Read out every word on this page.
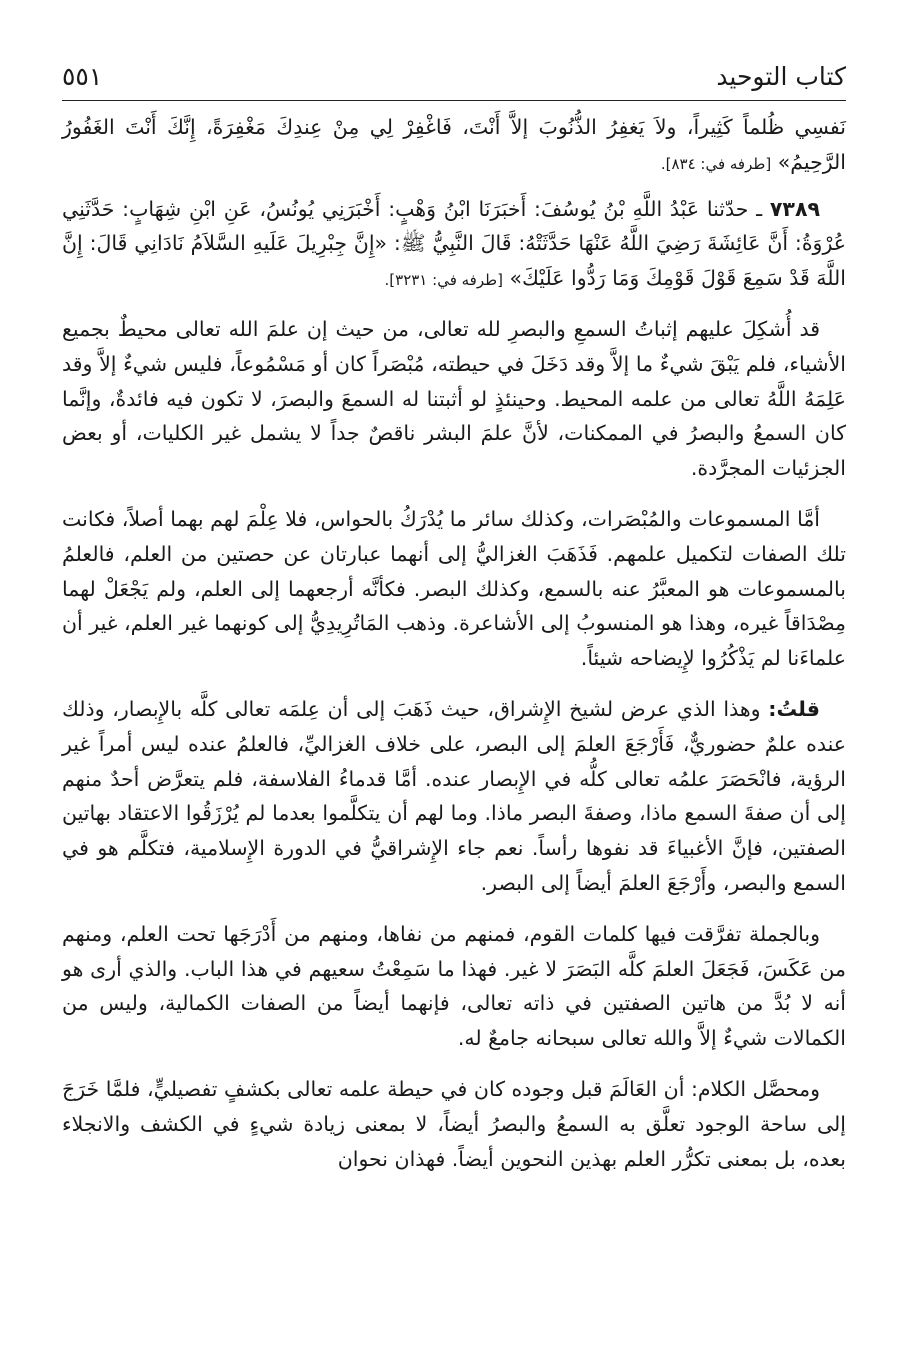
كتاب التوحيد
٥٥١

نَفسِي ظُلماً كَثِيراً، ولاَ يَغفِرُ الذُّنُوبَ إلاَّ أَنْتَ، فَاغْفِرْ لِي مِنْ عِندِكَ مَغْفِرَةً، إِنَّكَ أَنْتَ الغَفُورُ الرَّحِيمُ» [طرفه في: ٨٣٤].

٧٣٨٩ ـ حدّثنا عَبْدُ اللَّهِ بْنُ يُوسُفَ: أَخبَرَنَا ابْنُ وَهْبٍ: أَخْبَرَنِي يُونُسُ، عَنِ ابْنِ شِهَابٍ: حَدَّثَنِي عُرْوَةُ: أَنَّ عَائِشَةَ رَضِيَ اللَّهُ عَنْهَا حَدَّثَتْهُ: قَالَ النَّبِيُّ ﷺ: «إِنَّ جِبْرِيلَ عَلَيهِ السَّلاَمُ نَادَانِي قَالَ: إِنَّ اللَّهَ قَدْ سَمِعَ قَوْلَ قَوْمِكَ وَمَا رَدُّوا عَلَيْكَ» [طرفه في: ٣٢٣١].

قد أُشكِلَ عليهم إثباتُ السمعِ والبصرِ لله تعالى، من حيث إن علمَ الله تعالى محيطٌ بجميع الأشياء، فلم يَبْقَ شيءٌ ما إلاَّ وقد دَخَلَ في حيطته، مُبْصَراً كان أو مَسْمُوعاً، فليس شيءٌ إلاَّ وقد عَلِمَهُ اللَّهُ تعالى من علمه المحيط. وحينئذٍ لو أثبتنا له السمعَ والبصرَ، لا تكون فيه فائدةٌ، وإنَّما كان السمعُ والبصرُ في الممكنات، لأنَّ علمَ البشر ناقصٌ جداً لا يشمل غير الكليات، أو بعض الجزئيات المجرَّدة.

أمَّا المسموعات والمُبْصَرات، وكذلك سائر ما يُدْرَكُ بالحواس، فلا عِلْمَ لهم بهما أصلاً، فكانت تلك الصفات لتكميل علمهم. فَذَهَبَ الغزاليُّ إلى أنهما عبارتان عن حصتين من العلم، فالعلمُ بالمسموعات هو المعبَّرُ عنه بالسمع، وكذلك البصر. فكأنَّه أرجعهما إلى العلم، ولم يَجْعَلْ لهما مِصْدَاقاً غيره، وهذا هو المنسوبُ إلى الأشاعرة. وذهب المَاتُرِيدِيُّ إلى كونهما غير العلم، غير أن علماءَنا لم يَذْكُرُوا لإِيضاحه شيئاً.

قلتُ: وهذا الذي عرض لشيخ الإِشراق، حيث ذَهَبَ إلى أن عِلمَه تعالى كلَّه بالإِبصار، وذلك عنده علمٌ حضوريٌّ، فَأَرْجَعَ العلمَ إلى البصر، على خلاف الغزاليِّ، فالعلمُ عنده ليس أمراً غير الرؤية، فانْحَصَرَ علمُه تعالى كلُّه في الإِبصار عنده. أمَّا قدماءُ الفلاسفة، فلم يتعرَّض أحدٌ منهم إلى أن صفةَ السمع ماذا، وصفةَ البصر ماذا. وما لهم أن يتكلَّموا بعدما لم يُرْزَقُوا الاعتقاد بهاتين الصفتين، فإنَّ الأغبياءَ قد نفوها رأساً. نعم جاء الإِشراقيُّ في الدورة الإِسلامية، فتكلَّم هو في السمع والبصر، وأَرْجَعَ العلمَ أيضاً إلى البصر.

وبالجملة تفرَّقت فيها كلمات القوم، فمنهم من نفاها، ومنهم من أَدْرَجَها تحت العلم، ومنهم من عَكَسَ، فَجَعَلَ العلمَ كلَّه البَصَرَ لا غير. فهذا ما سَمِعْتُ سعيهم في هذا الباب. والذي أرى هو أنه لا بُدَّ من هاتين الصفتين في ذاته تعالى، فإنهما أيضاً من الصفات الكمالية، وليس من الكمالات شيءٌ إلاَّ والله تعالى سبحانه جامعٌ له.

ومحصَّل الكلام: أن العَالَمَ قبل وجوده كان في حيطة علمه تعالى بكشفٍ تفصيليٍّ، فلمَّا خَرَجَ إلى ساحة الوجود تعلَّق به السمعُ والبصرُ أيضاً، لا بمعنى زيادة شيءٍ في الكشف والانجلاء بعده، بل بمعنى تكرُّر العلم بهذين النحوين أيضاً. فهذان نحوان
